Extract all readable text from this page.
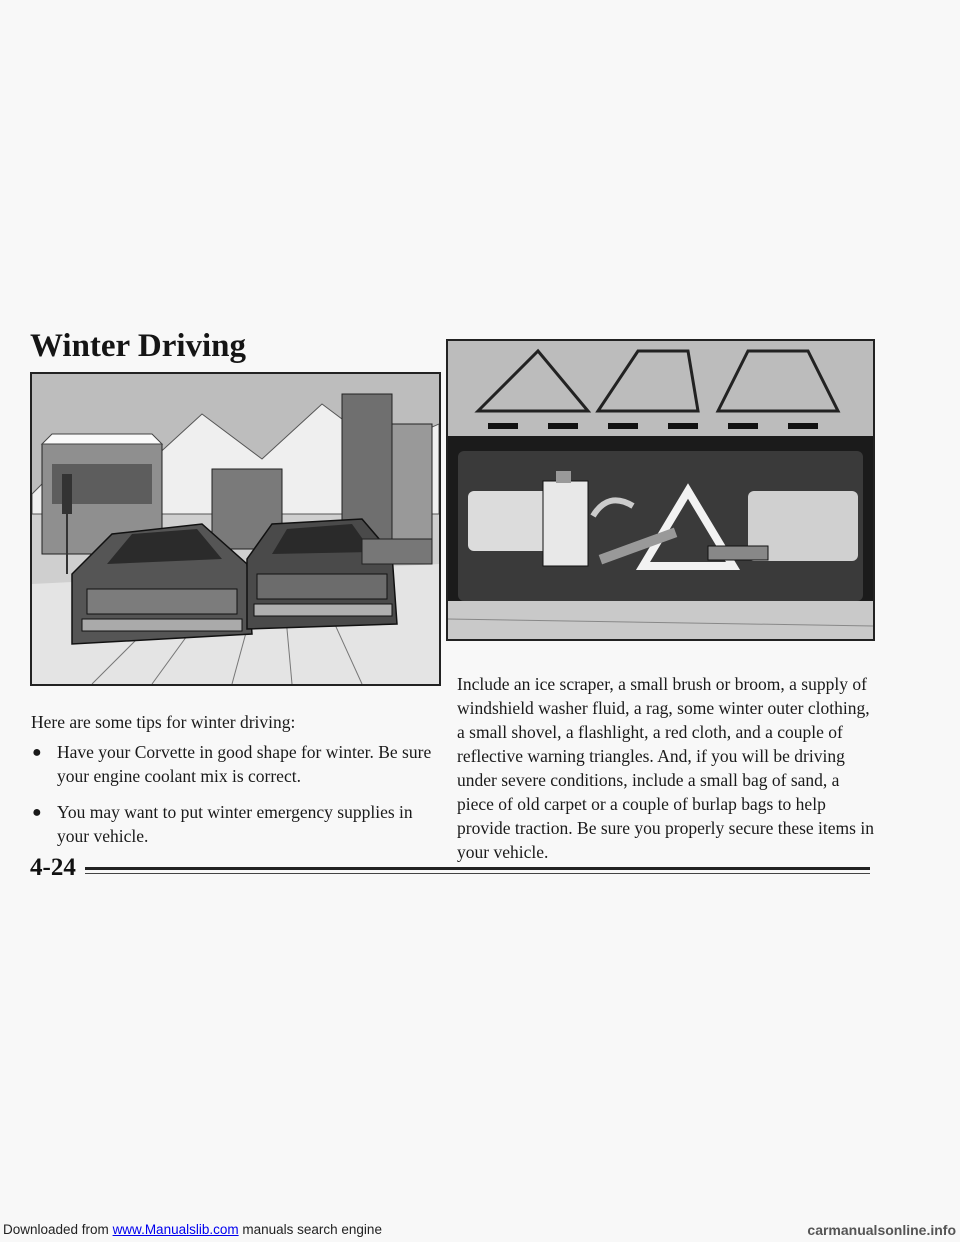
Winter Driving

Here are some tips for winter driving:

● Have your Corvette in good shape for winter. Be sure your engine coolant mix is correct.
● You may want to put winter emergency supplies in your vehicle.

Include an ice scraper, a small brush or broom, a supply of windshield washer fluid, a rag, some winter outer clothing, a small shovel, a flashlight, a red cloth, and a couple of reflective warning triangles. And, if you will be driving under severe conditions, include a small bag of sand, a piece of old carpet or a couple of burlap bags to help provide traction. Be sure you properly secure these items in your vehicle.

4-24
Downloaded from www.Manualslib.com manuals search engine	carmanualsonline.info
